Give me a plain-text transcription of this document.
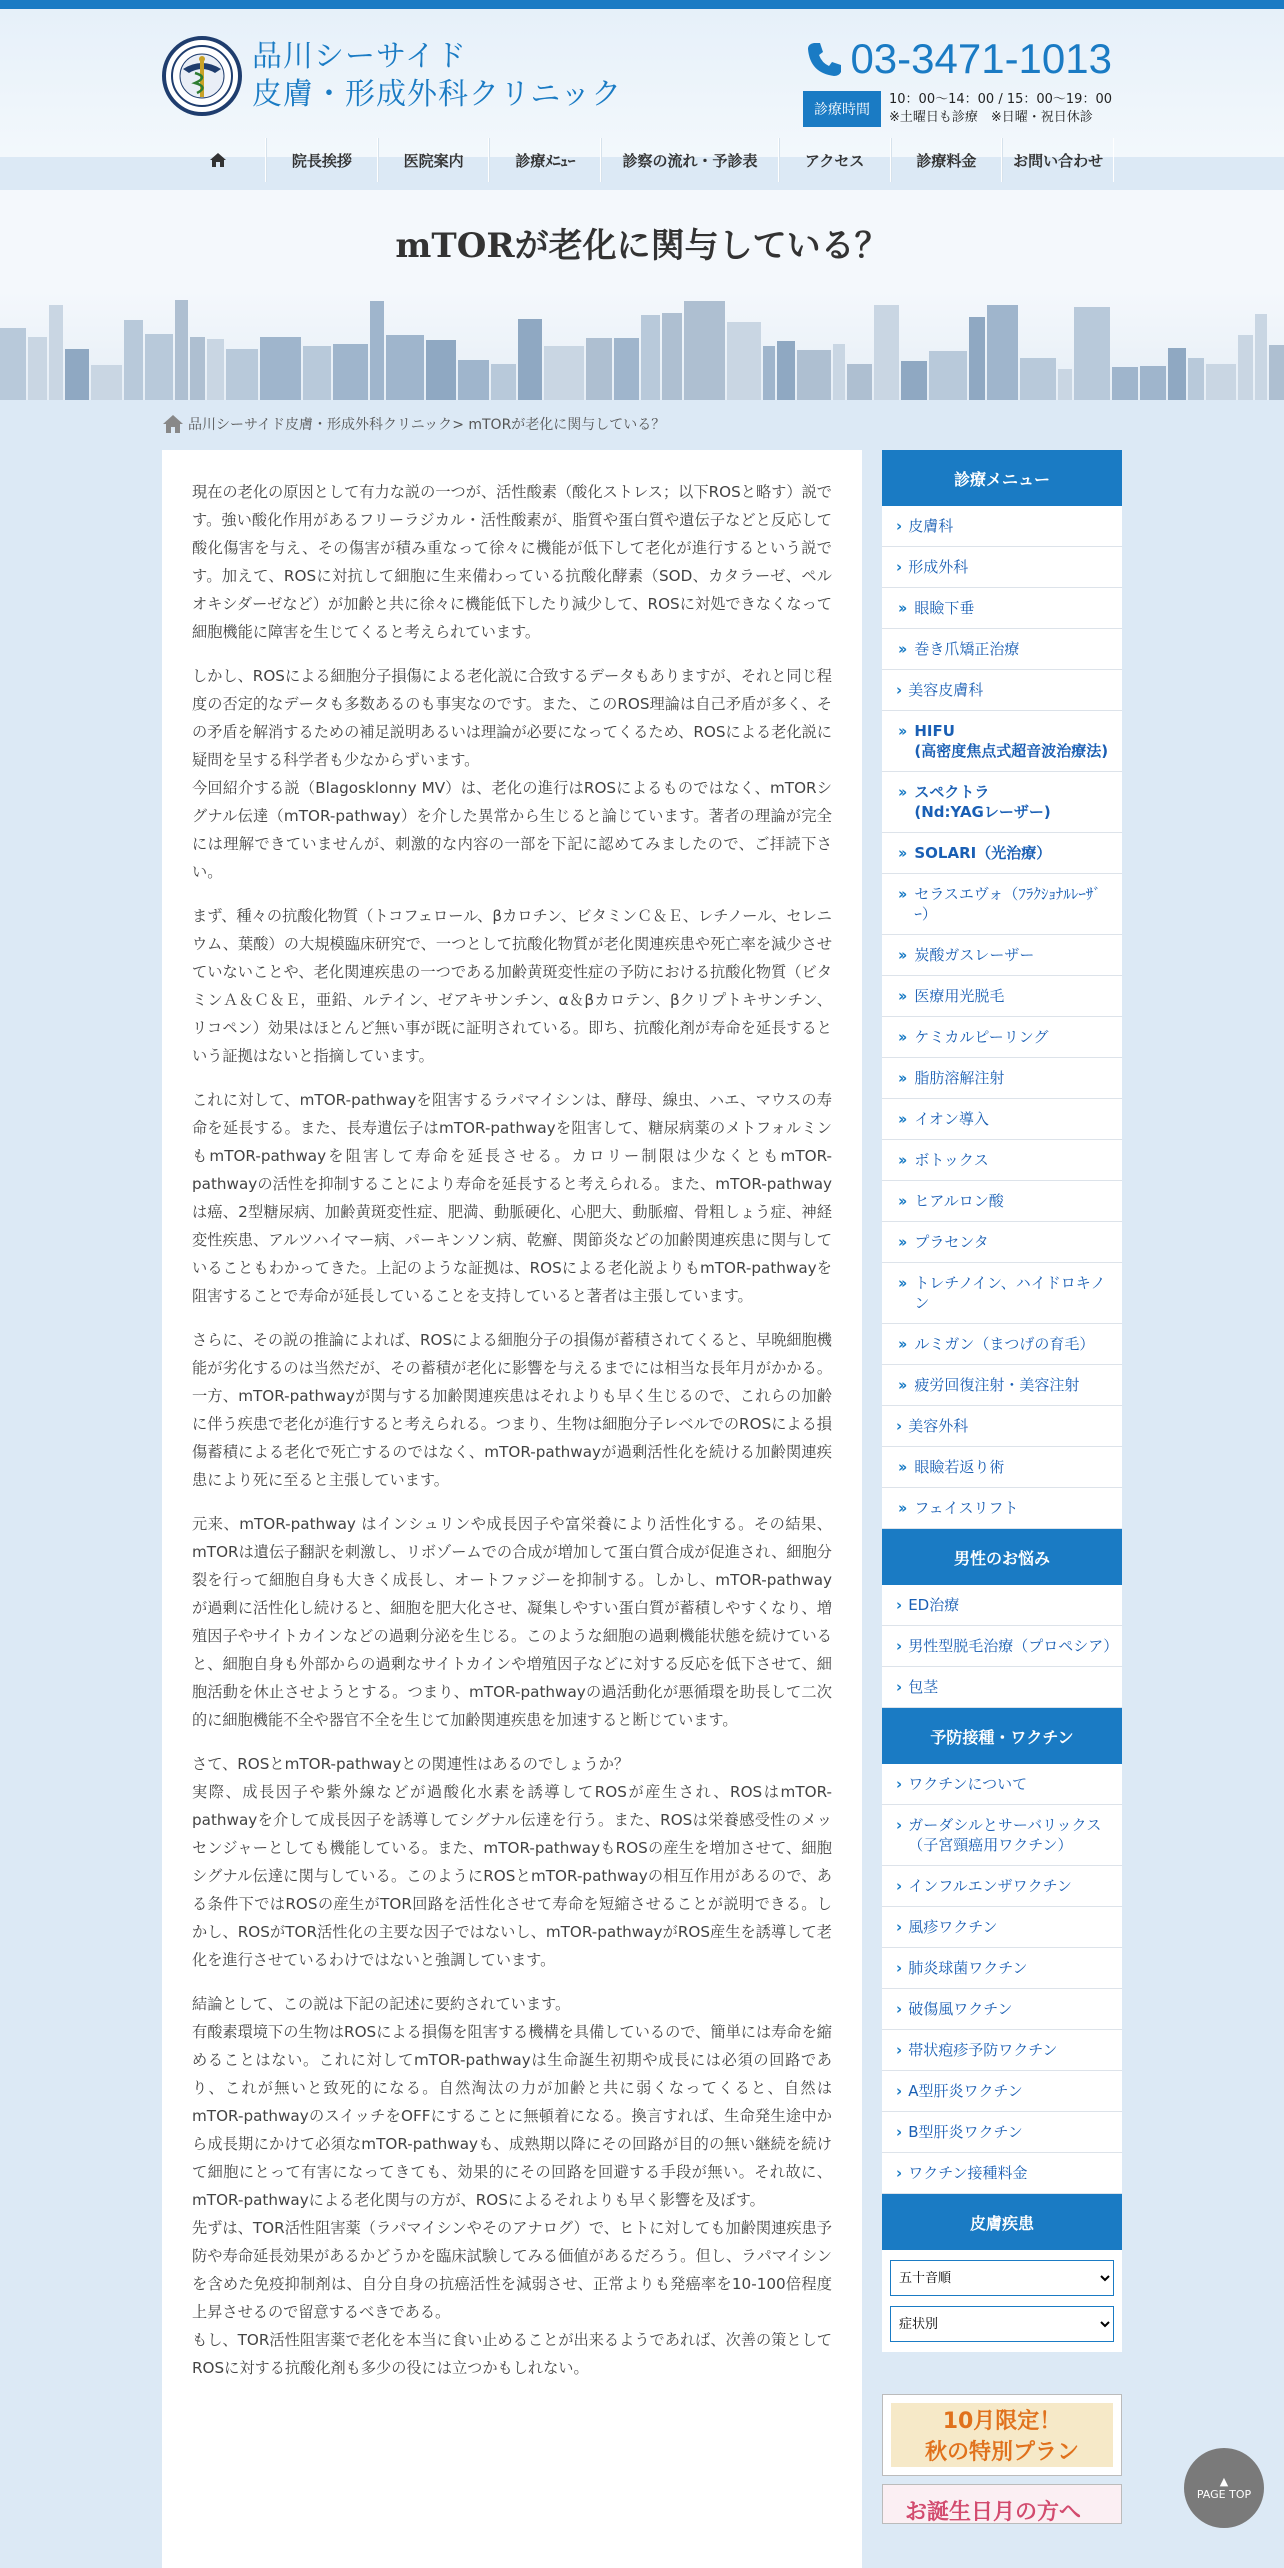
品川シーサイド
皮膚・形成外科クリニック
03-3471-1013
診療時間
10：00～14：00 / 15：00～19：00
※土曜日も診療　※日曜・祝日休診
mTORが老化に関与している？
院長挨拶	医院案内	診療ﾒﾆｭｰ	診察の流れ・予診表	アクセス	診療料金	お問い合わせ
品川シーサイド皮膚・形成外科クリニック > mTORが老化に関与している？

現在の老化の原因として有力な説の一つが、活性酸素（酸化ストレス；以下ROSと略す）説です。強い酸化作用があるフリーラジカル・活性酸素が、脂質や蛋白質や遺伝子などと反応して酸化傷害を与え、その傷害が積み重なって徐々に機能が低下して老化が進行するという説です。加えて、ROSに対抗して細胞に生来備わっている抗酸化酵素（SOD、カタラーゼ、ペルオキシダーゼなど）が加齢と共に徐々に機能低下したり減少して、ROSに対処できなくなって細胞機能に障害を生じてくると考えられています。

しかし、ROSによる細胞分子損傷による老化説に合致するデータもありますが、それと同じ程度の否定的なデータも多数あるのも事実なのです。また、このROS理論は自己矛盾が多く、その矛盾を解消するための補足説明あるいは理論が必要になってくるため、ROSによる老化説に疑問を呈する科学者も少なからずいます。
今回紹介する説（Blagosklonny MV）は、老化の進行はROSによるものではなく、mTORシグナル伝達（mTOR-pathway）を介した異常から生じると論じています。著者の理論が完全には理解できていませんが、刺激的な内容の一部を下記に認めてみましたので、ご拝読下さい。

まず、種々の抗酸化物質（トコフェロール、βカロチン、ビタミンＣ＆Ｅ、レチノール、セレニウム、葉酸）の大規模臨床研究で、一つとして抗酸化物質が老化関連疾患や死亡率を減少させていないことや、老化関連疾患の一つである加齢黄斑変性症の予防における抗酸化物質（ビタミンＡ＆Ｃ＆Ｅ，亜鉛、ルテイン、ゼアキサンチン、α＆βカロテン、βクリプトキサンチン、リコペン）効果はほとんど無い事が既に証明されている。即ち、抗酸化剤が寿命を延長するという証拠はないと指摘しています。

これに対して、mTOR-pathwayを阻害するラパマイシンは、酵母、線虫、ハエ、マウスの寿命を延長する。また、長寿遺伝子はmTOR-pathwayを阻害して、糖尿病薬のメトフォルミンもmTOR-pathwayを阻害して寿命を延長させる。カロリー制限は少なくともmTOR-pathwayの活性を抑制することにより寿命を延長すると考えられる。また、mTOR-pathwayは癌、2型糖尿病、加齢黄斑変性症、肥満、動脈硬化、心肥大、動脈瘤、骨粗しょう症、神経変性疾患、アルツハイマー病、パーキンソン病、乾癬、関節炎などの加齢関連疾患に関与していることもわかってきた。上記のような証拠は、ROSによる老化説よりもmTOR-pathwayを阻害することで寿命が延長していることを支持していると著者は主張しています。

さらに、その説の推論によれば、ROSによる細胞分子の損傷が蓄積されてくると、早晩細胞機能が劣化するのは当然だが、その蓄積が老化に影響を与えるまでには相当な長年月がかかる。一方、mTOR-pathwayが関与する加齢関連疾患はそれよりも早く生じるので、これらの加齢に伴う疾患で老化が進行すると考えられる。つまり、生物は細胞分子レベルでのROSによる損傷蓄積による老化で死亡するのではなく、mTOR-pathwayが過剰活性化を続ける加齢関連疾患により死に至ると主張しています。

元来、mTOR-pathway はインシュリンや成長因子や富栄養により活性化する。その結果、mTORは遺伝子翻訳を刺激し、リボゾームでの合成が増加して蛋白質合成が促進され、細胞分裂を行って細胞自身も大きく成長し、オートファジーを抑制する。しかし、mTOR-pathwayが過剰に活性化し続けると、細胞を肥大化させ、凝集しやすい蛋白質が蓄積しやすくなり、増殖因子やサイトカインなどの過剰分泌を生じる。このような細胞の過剰機能状態を続けていると、細胞自身も外部からの過剰なサイトカインや増殖因子などに対する反応を低下させて、細胞活動を休止させようとする。つまり、mTOR-pathwayの過活動化が悪循環を助長して二次的に細胞機能不全や器官不全を生じて加齢関連疾患を加速すると断じています。

さて、ROSとmTOR-pathwayとの関連性はあるのでしょうか？
実際、成長因子や紫外線などが過酸化水素を誘導してROSが産生され、ROSはmTOR-pathwayを介して成長因子を誘導してシグナル伝達を行う。また、ROSは栄養感受性のメッセンジャーとしても機能している。また、mTOR-pathwayもROSの産生を増加させて、細胞シグナル伝達に関与している。このようにROSとmTOR-pathwayの相互作用があるので、ある条件下ではROSの産生がTOR回路を活性化させて寿命を短縮させることが説明できる。しかし、ROSがTOR活性化の主要な因子ではないし、mTOR-pathwayがROS産生を誘導して老化を進行させているわけではないと強調しています。

結論として、この説は下記の記述に要約されています。
有酸素環境下の生物はROSによる損傷を阻害する機構を具備しているので、簡単には寿命を縮めることはない。これに対してmTOR-pathwayは生命誕生初期や成長には必須の回路であり、これが無いと致死的になる。自然淘汰の力が加齢と共に弱くなってくると、自然はmTOR-pathwayのスイッチをOFFにすることに無頓着になる。換言すれば、生命発生途中から成長期にかけて必須なmTOR-pathwayも、成熟期以降にその回路が目的の無い継続を続けて細胞にとって有害になってきても、効果的にその回路を回避する手段が無い。それ故に、mTOR-pathwayによる老化関与の方が、ROSによるそれよりも早く影響を及ぼす。
先ずは、TOR活性阻害薬（ラパマイシンやそのアナログ）で、ヒトに対しても加齢関連疾患予防や寿命延長効果があるかどうかを臨床試験してみる価値があるだろう。但し、ラパマイシンを含めた免疫抑制剤は、自分自身の抗癌活性を減弱させ、正常よりも発癌率を10-100倍程度上昇させるので留意するべきである。
もし、TOR活性阻害薬で老化を本当に食い止めることが出来るようであれば、次善の策としてROSに対する抗酸化剤も多少の役には立つかもしれない。

診療メニュー
› 皮膚科
› 形成外科
›› 眼瞼下垂
›› 巻き爪矯正治療
› 美容皮膚科
›› HIFU
(高密度焦点式超音波治療法)
›› スペクトラ
(Nd:YAGレーザー)
›› SOLARI（光治療）
›› セラスエヴォ（ﾌﾗｸｼｮﾅﾙﾚｰｻﾞｰ）
›› 炭酸ガスレーザー
›› 医療用光脱毛
›› ケミカルピーリング
›› 脂肪溶解注射
›› イオン導入
›› ボトックス
›› ヒアルロン酸
›› プラセンタ
›› トレチノイン、ハイドロキノン
›› ルミガン（まつげの育毛）
›› 疲労回復注射・美容注射
› 美容外科
›› 眼瞼若返り術
›› フェイスリフト
男性のお悩み
› ED治療
› 男性型脱毛治療（プロペシア）
› 包茎
予防接種・ワクチン
› ワクチンについて
› ガーダシルとサーバリックス
（子宮頸癌用ワクチン）
› インフルエンザワクチン
› 風疹ワクチン
› 肺炎球菌ワクチン
› 破傷風ワクチン
› 帯状疱疹予防ワクチン
› A型肝炎ワクチン
› B型肝炎ワクチン
› ワクチン接種料金
皮膚疾患
五十音順
症状別
10月限定！
秋の特別プラン
お誕生日月の方へ
▲
PAGE TOP
